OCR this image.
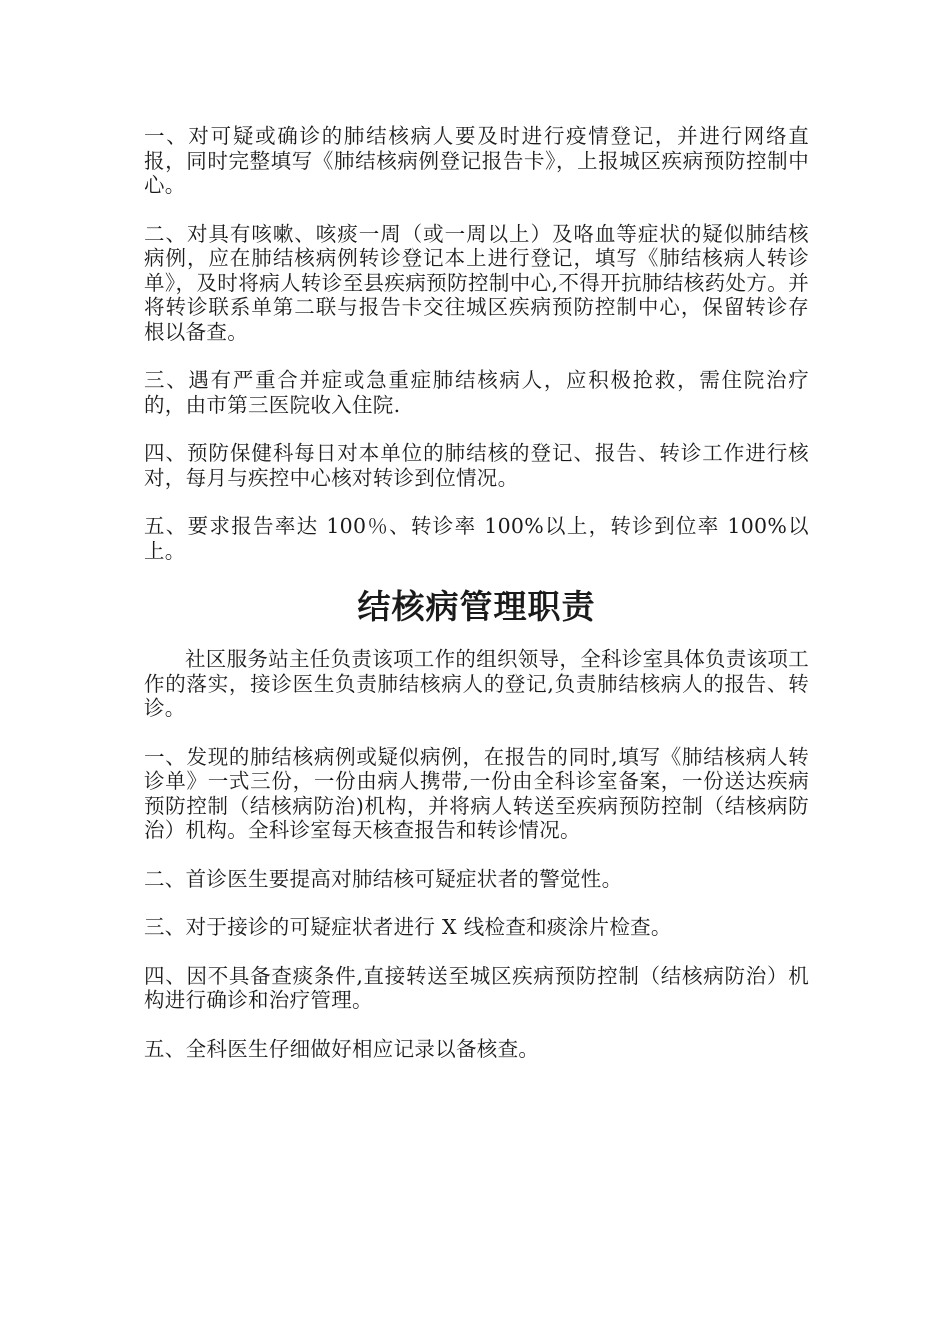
一、对可疑或确诊的肺结核病人要及时进行疫情登记，并进行网络直报，同时完整填写《肺结核病例登记报告卡》，上报城区疾病预防控制中心。

二、对具有咳嗽、咳痰一周（或一周以上）及咯血等症状的疑似肺结核病例，应在肺结核病例转诊登记本上进行登记，填写《肺结核病人转诊单》，及时将病人转诊至县疾病预防控制中心,不得开抗肺结核药处方。并将转诊联系单第二联与报告卡交往城区疾病预防控制中心，保留转诊存根以备查。

三、遇有严重合并症或急重症肺结核病人，应积极抢救，需住院治疗的，由市第三医院收入住院.

四、预防保健科每日对本单位的肺结核的登记、报告、转诊工作进行核对，每月与疾控中心核对转诊到位情况。

五、要求报告率达 100％、转诊率 100%以上，转诊到位率 100%以上。

结核病管理职责

社区服务站主任负责该项工作的组织领导，全科诊室具体负责该项工作的落实，接诊医生负责肺结核病人的登记,负责肺结核病人的报告、转诊。

一、发现的肺结核病例或疑似病例，在报告的同时,填写《肺结核病人转诊单》一式三份，一份由病人携带,一份由全科诊室备案，一份送达疾病预防控制（结核病防治)机构，并将病人转送至疾病预防控制（结核病防治）机构。全科诊室每天核查报告和转诊情况。

二、首诊医生要提高对肺结核可疑症状者的警觉性。

三、对于接诊的可疑症状者进行 X 线检查和痰涂片检查。

四、因不具备查痰条件,直接转送至城区疾病预防控制（结核病防治）机构进行确诊和治疗管理。

五、全科医生仔细做好相应记录以备核查。
